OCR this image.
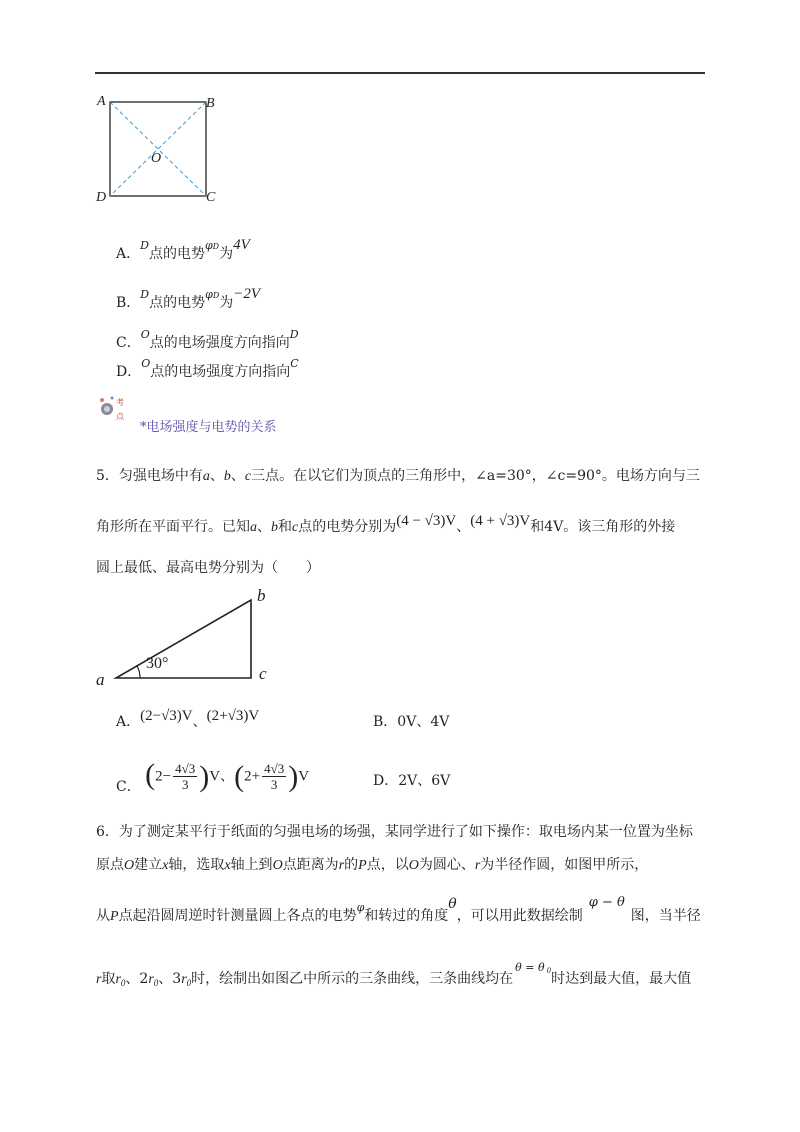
A	B
O
D	C
A．$^D$点的电势$^{\varphi D}$为4V
B．$^D$点的电势$^{\varphi D}$为−2V
C．$^O$点的电场强度方向指向$^D$
D．$^O$点的电场强度方向指向$^C$
考
点
*电场强度与电势的关系
5．匀强电场中有a、b、c三点。在以它们为顶点的三角形中，∠a=30°，∠c=90°。电场方向与三
角形所在平面平行。已知a、b和c点的电势分别为(4 − √3)V、(4 + √3)V和4V。该三角形的外接
圆上最低、最高电势分别为（　　）
a
b
c
30°
A．(2−√3)V、(2+√3)V	B．0V、4V
C． $(2- \frac{4√3}{3} )V$、$(2+ \frac{4√3}{3} )V$	D．2V、6V
6．为了测定某平行于纸面的匀强电场的场强，某同学进行了如下操作：取电场内某一位置为坐标
原点O建立x轴，选取x轴上到O点距离为r的P点，以O为圆心、r为半径作圆，如图甲所示，
从P点起沿圆周逆时针测量圆上各点的电势$^\varphi$和转过的角度θ，可以用此数据绘制φ − θ图，当半径
r取$r_0$、$2r_0$、$3r_0$时，绘制出如图乙中所示的三条曲线，三条曲线均在$^{\theta = \theta}$ $^0$时达到最大值，最大值
